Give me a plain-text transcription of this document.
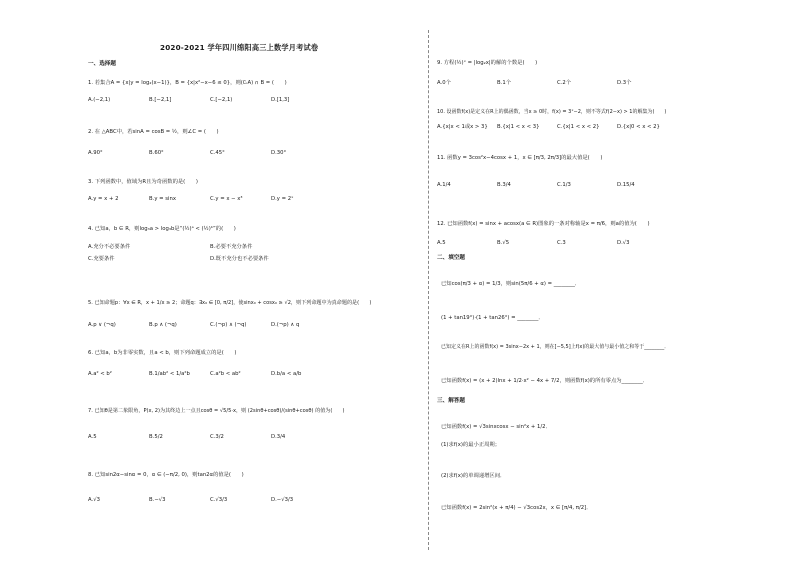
2020-2021 学年四川绵阳高三上数学月考试卷
一、选择题
1. 若集合A = {x|y = log₂(x−1)}，B = {x|x²−x−6 ≤ 0}，则(∁ᵣA) ∩ B = (　　)
A.(−2,1)	B.[−2,1]	C.[−2,1)	D.[1,3]
2. 在 △ABC中，若sinA = cosB = ½，则∠C = (　　)
A.90°	B.60°	C.45°	D.30°
3. 下列函数中，值域为R且为奇函数的是(　　)
A.y = x + 2	B.y = sinx	C.y = x − x³	D.y = 2ˣ
4. 已知a，b ∈ R，则log₃a > log₃b是“(½)ᵃ < (½)ᵇ”的(　　)
A.充分不必要条件	B.必要不充分条件
C.充要条件	D.既不充分也不必要条件
5. 已知命题p：∀x ∈ R，x + 1/x ≥ 2；命题q：∃x₀ ∈ [0, π/2]，使sinx₀ + cosx₀ ≥ √2，则下列命题中为真命题的是(　　)
A.p ∨ (¬q)	B.p ∧ (¬q)	C.(¬p) ∧ (¬q)	D.(¬p) ∧ q
6. 已知a，b为非零实数，且a < b，则下列命题成立的是(　　)
A.a² < b²	B.1/ab² < 1/a²b	C.a²b < ab²	D.b/a < a/b
7. 已知θ是第二象限角，P(x, 2)为其终边上一点且cosθ = √5/5·x，则 (2sinθ+cosθ)/(sinθ+cosθ) 的值为(　　)
A.5	B.5/2	C.3/2	D.3/4
8. 已知sin2α−sinα = 0，α ∈ (−π/2, 0)，则tan2α的值是(　　)
A.√3	B.−√3	C.√3/3	D.−√3/3
9. 方程(½)ˣ = |log₂x|的解的个数是(　　)
A.0个	B.1个	C.2个	D.3个
10. 设函数f(x)是定义在R上的偶函数，当x ≥ 0时，f(x) = 3ˣ−2，则不等式f(2−x) > 1的解集为(　　)
A.{x|x < 1或x > 3} B.{x|1 < x < 3}	C.{x|1 < x < 2}	D.{x|0 < x < 2}
11. 函数y = 3cos²x−4cosx + 1，x ∈ [π/3, 2π/3]的最大值是(　　)
A.1/4	B.3/4	C.1/3	D.15/4
12. 已知函数f(x) = sinx + acosx(a ∈ R)图象的一条对称轴是x = π/6，则a的值为(　　)
A.5	B.√5	C.3	D.√3
二、填空题
已知cos(π/3 + α) = 1/3，则sin(5π/6 + α) = ________．
(1 + tan19°)·(1 + tan26°) = ________．
已知定义在R上的函数f(x) = 3sinx−2x + 1，则在[−5,5]上f(x)的最大值与最小值之和等于________．
已知函数f(x) = (x + 2)lnx + 1/2·x² − 4x + 7/2，则函数f(x)的所有零点为________．
三、解答题
已知函数f(x) = √3sinxcosx − sin²x + 1/2．
(1)求f(x)的最小正周期；
(2)求f(x)的单调递增区间．
已知函数f(x) = 2sin²(x + π/4) − √3cos2x，x ∈ [π/4, π/2]．
